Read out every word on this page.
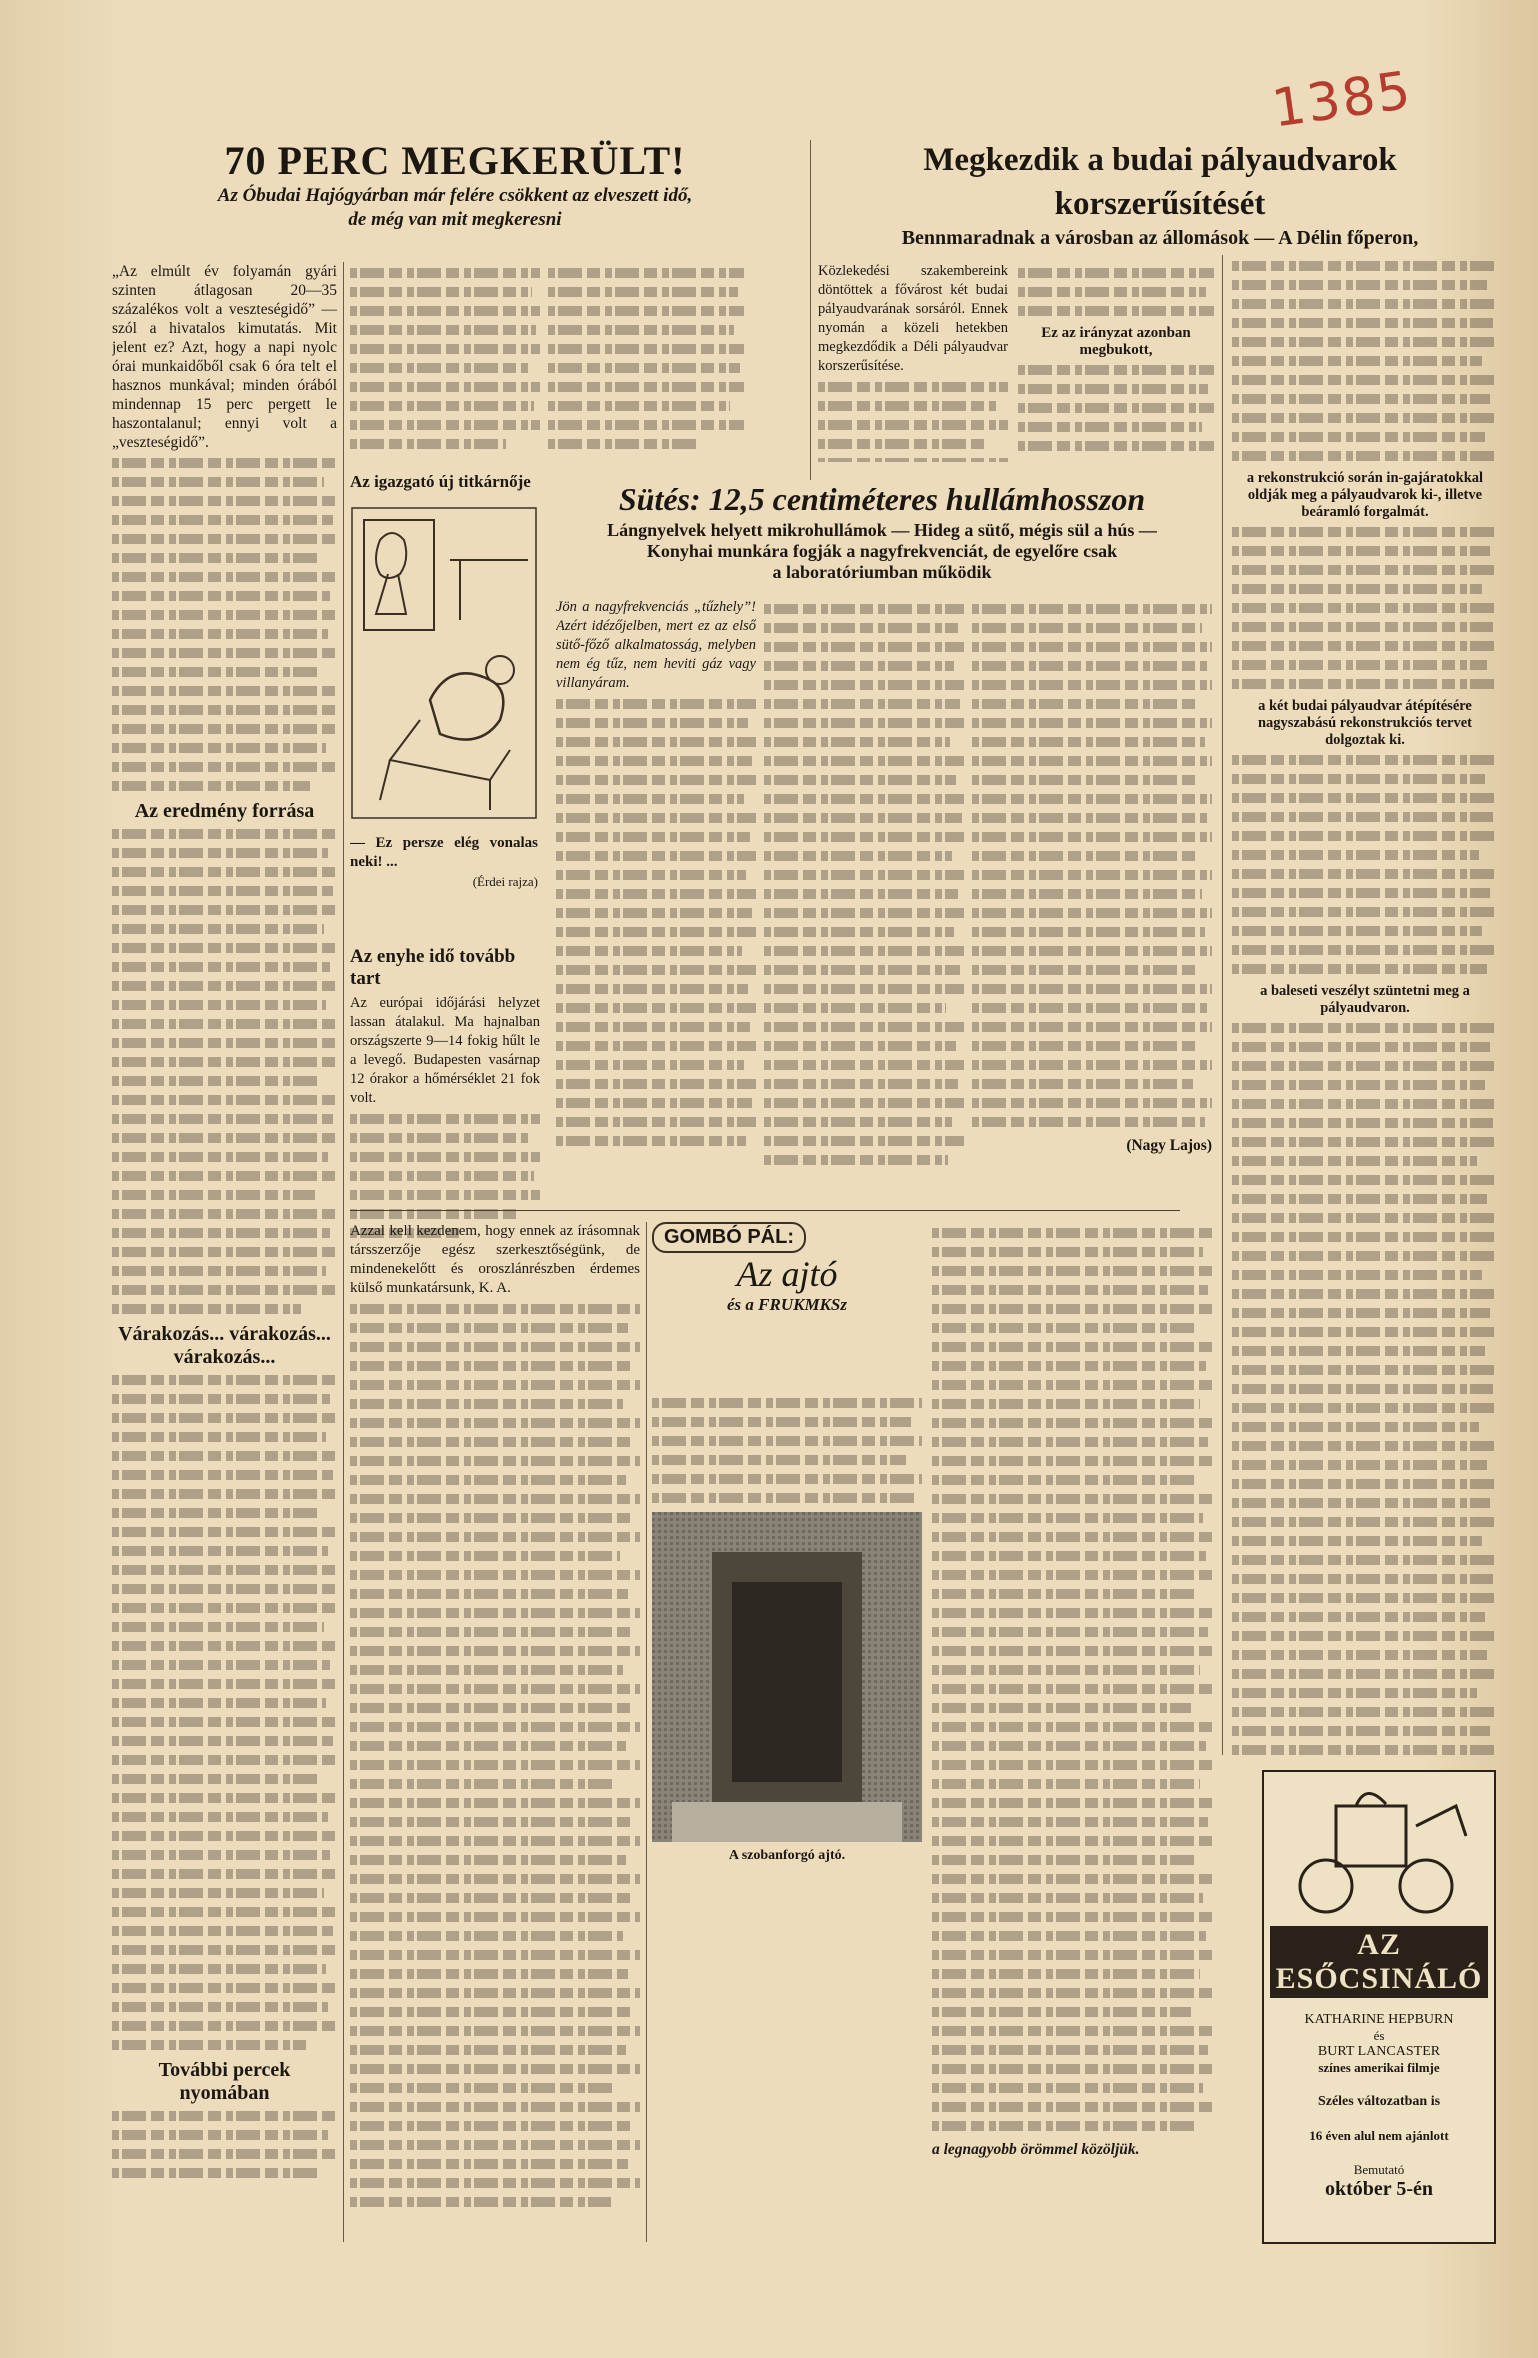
1385
70 PERC MEGKERÜLT!

Az Óbudai Hajógyárban már felére csökkent az elveszett idő,

de még van mit megkeresni

„Az elmúlt év folyamán gyári szinten átlagosan 20—35 százalékos volt a veszteségidő” — szól a hivatalos kimutatás. Mit jelent ez? Azt, hogy a napi nyolc órai munkaidőből csak 6 óra telt el hasznos munkával; minden órából mindennap 15 perc pergett le haszontalanul; ennyi volt a „veszteségidő”.

Az eredmény forrása
Várakozás... várakozás... várakozás...
További percek nyomában
Az igazgató új titkárnője

— Ez persze elég vonalas neki! ...

(Érdei rajza)

Az enyhe idő tovább tart

Az európai időjárási helyzet lassan átalakul. Ma hajnalban országszerte 9—14 fokig hűlt le a levegő. Budapesten vasárnap 12 órakor a hőmérséklet 21 fok volt.

Megkezdik a budai pályaudvarok korszerűsítését

Bennmaradnak a városban az állomások — A Délin főperon,

Közlekedési szakembereink döntöttek a fővárost két budai pályaudvarának sorsáról. Ennek nyomán a közeli hetekben megkezdődik a Déli pályaudvar korszerűsítése.

Ez az irányzat azonban megbukott,
a rekonstrukció során in-gajáratokkal oldják meg a pályaudvarok ki-, illetve beáramló forgalmát.
a két budai pályaudvar átépítésére nagyszabású rekonstrukciós tervet dolgoztak ki.
a baleseti veszélyt szüntetni meg a pályaudvaron.

Sütés: 12,5 centiméteres hullámhosszon

Lángnyelvek helyett mikrohullámok — Hideg a sütő, mégis sül a hús —

Konyhai munkára fogják a nagyfrekvenciát, de egyelőre csak

a laboratóriumban működik

Jön a nagyfrekvenciás „tűzhely”! Azért idézőjelben, mert ez az első sütő-főző alkalmatosság, melyben nem ég tűz, nem heviti gáz vagy villanyáram.

(Nagy Lajos)

Azzal kell kezdenem, hogy ennek az írásomnak társszerzője egész szerkesztőségünk, de mindenekelőtt és oroszlánrészben érdemes külső munkatársunk, K. A.

GOMBÓ PÁL:
Az ajtó
és a FRUKMKSz

A szobanforgó ajtó.

a legnagyobb örömmel közöljük.

AZ ESŐCSINÁLÓ

KATHARINE HEPBURN

és

BURT LANCASTER

színes amerikai filmje

Széles változatban is

16 éven alul nem ajánlott

Bemutató

október 5-én
